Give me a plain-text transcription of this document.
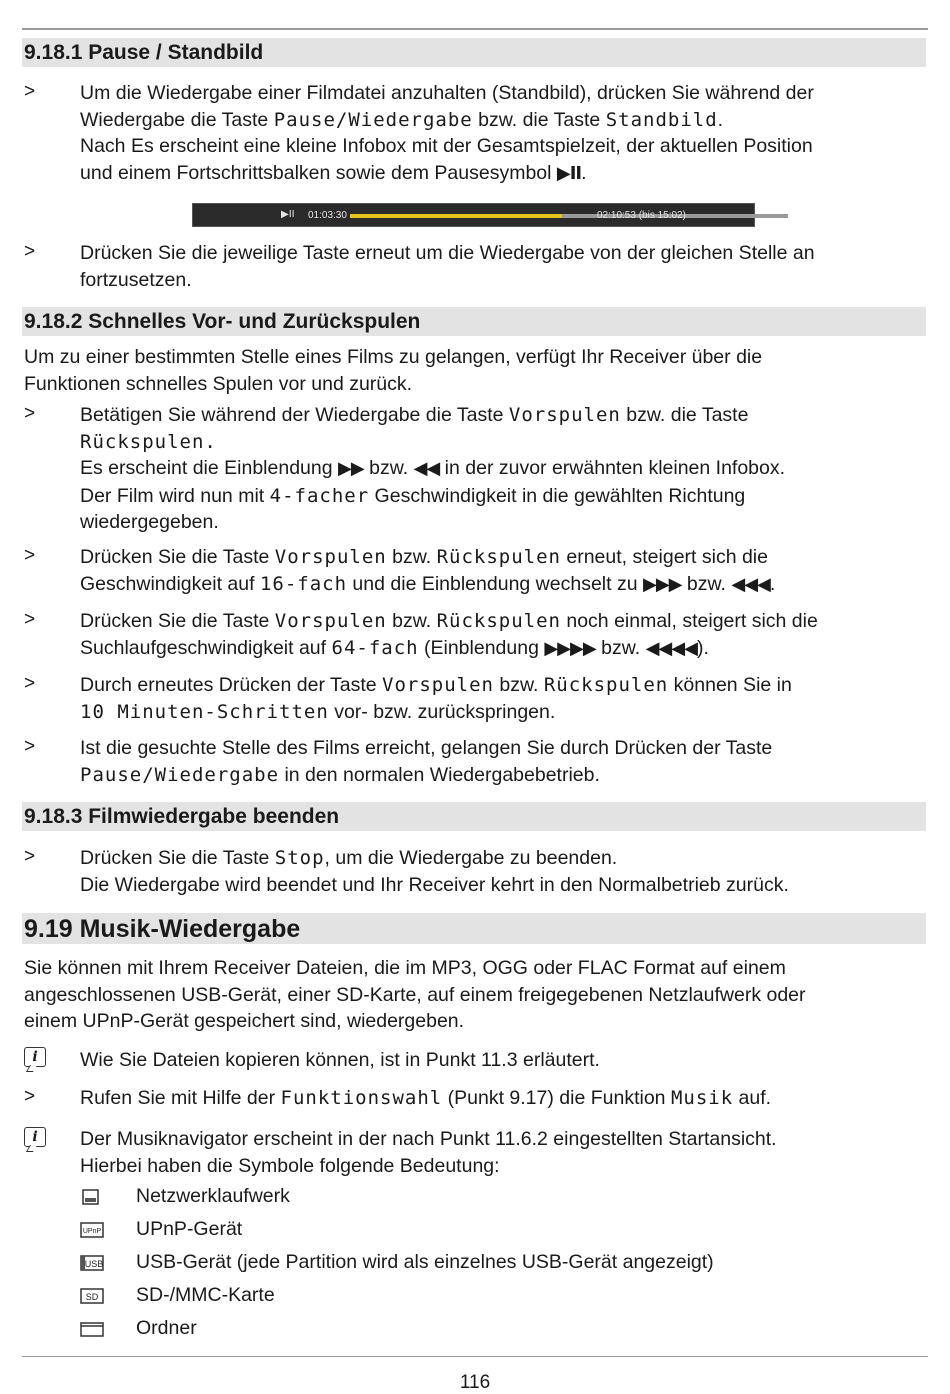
9.18.1 Pause / Standbild
> Um die Wiedergabe einer Filmdatei anzuhalten (Standbild), drücken Sie während der
Wiedergabe die Taste Pause/Wiedergabe bzw. die Taste Standbild.
Nach Es erscheint eine kleine Infobox mit der Gesamtspielzeit, der aktuellen Position
und einem Fortschrittsbalken sowie dem Pausesymbol ▶II.
▶II 01:03:30	02:10:53 (bis 15:02)
> Drücken Sie die jeweilige Taste erneut um die Wiedergabe von der gleichen Stelle an
fortzusetzen.
9.18.2 Schnelles Vor- und Zurückspulen
Um zu einer bestimmten Stelle eines Films zu gelangen, verfügt Ihr Receiver über die
Funktionen schnelles Spulen vor und zurück.
> Betätigen Sie während der Wiedergabe die Taste Vorspulen bzw. die Taste
Rückspulen.
Es erscheint die Einblendung ▶▶ bzw. ◀◀ in der zuvor erwähnten kleinen Infobox.
Der Film wird nun mit 4-facher Geschwindigkeit in die gewählten Richtung
wiedergegeben.
> Drücken Sie die Taste Vorspulen bzw. Rückspulen erneut, steigert sich die
Geschwindigkeit auf 16-fach und die Einblendung wechselt zu ▶▶▶ bzw. ◀◀◀.
> Drücken Sie die Taste Vorspulen bzw. Rückspulen noch einmal, steigert sich die
Suchlaufgeschwindigkeit auf 64-fach (Einblendung ▶▶▶▶ bzw. ◀◀◀◀).
> Durch erneutes Drücken der Taste Vorspulen bzw. Rückspulen können Sie in
10 Minuten-Schritten vor- bzw. zurückspringen.
> Ist die gesuchte Stelle des Films erreicht, gelangen Sie durch Drücken der Taste
Pause/Wiedergabe in den normalen Wiedergabebetrieb.
9.18.3 Filmwiedergabe beenden
> Drücken Sie die Taste Stop, um die Wiedergabe zu beenden.
Die Wiedergabe wird beendet und Ihr Receiver kehrt in den Normalbetrieb zurück.
9.19 Musik-Wiedergabe
Sie können mit Ihrem Receiver Dateien, die im MP3, OGG oder FLAC Format auf einem
angeschlossenen USB-Gerät, einer SD-Karte, auf einem freigegebenen Netzlaufwerk oder
einem UPnP-Gerät gespeichert sind, wiedergeben.
i	Wie Sie Dateien kopieren können, ist in Punkt 11.3 erläutert.
> Rufen Sie mit Hilfe der Funktionswahl (Punkt 9.17) die Funktion Musik auf.
i	Der Musiknavigator erscheint in der nach Punkt 11.6.2 eingestellten Startansicht.
Hierbei haben die Symbole folgende Bedeutung:
Netzwerklaufwerk
UPnP UPnP-Gerät
USB USB-Gerät (jede Partition wird als einzelnes USB-Gerät angezeigt)
SD SD-/MMC-Karte
Ordner
116
